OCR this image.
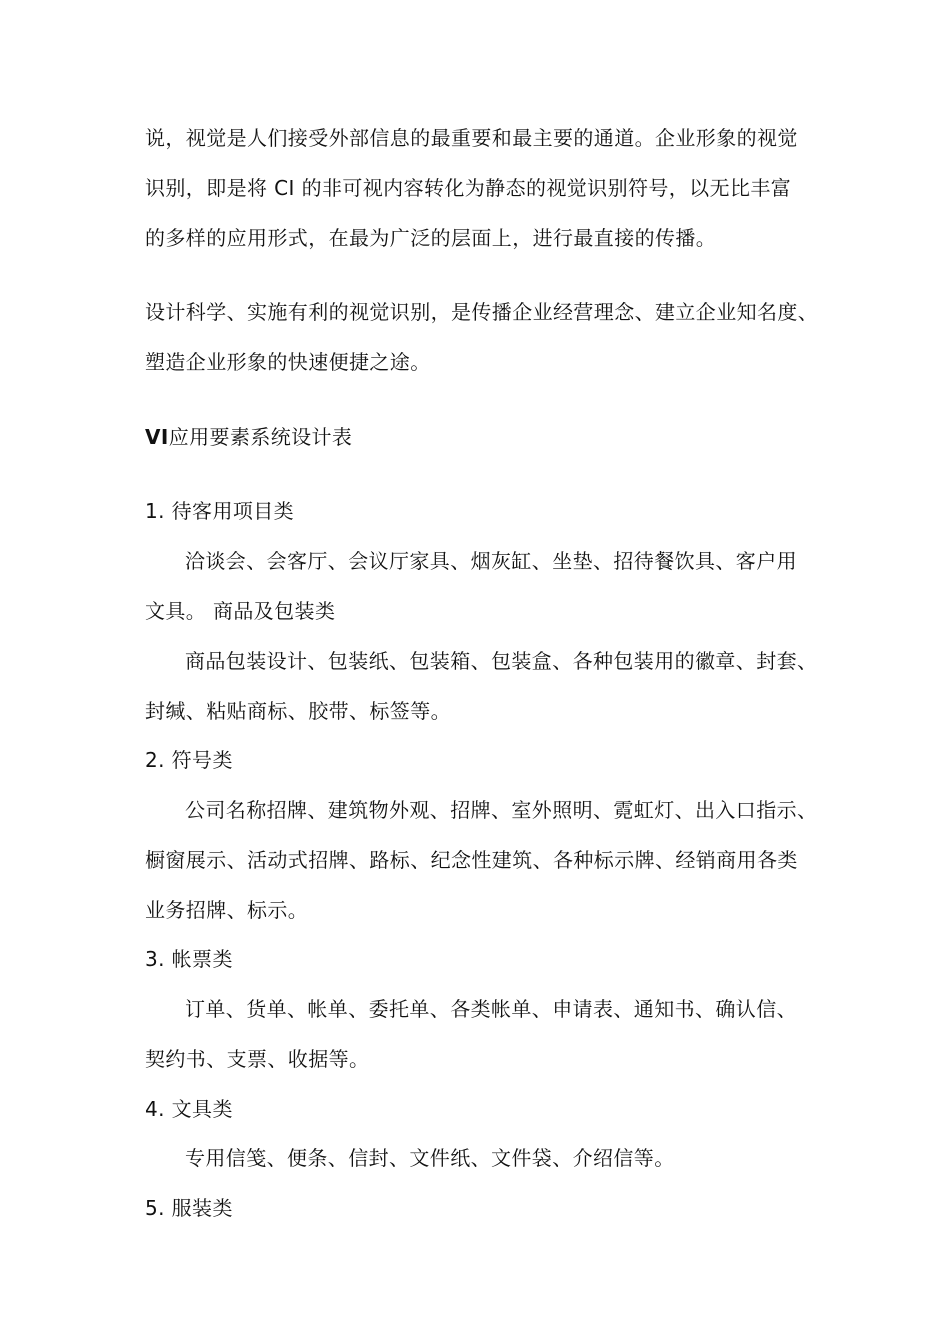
说，视觉是人们接受外部信息的最重要和最主要的通道。企业形象的视觉
识别，即是将 CI 的非可视内容转化为静态的视觉识别符号，以无比丰富
的多样的应用形式，在最为广泛的层面上，进行最直接的传播。
设计科学、实施有利的视觉识别，是传播企业经营理念、建立企业知名度、
塑造企业形象的快速便捷之途。
VI应用要素系统设计表
1. 待客用项目类
洽谈会、会客厅、会议厅家具、烟灰缸、坐垫、招待餐饮具、客户用
文具。 商品及包装类
商品包装设计、包装纸、包装箱、包装盒、各种包装用的徽章、封套、
封缄、粘贴商标、胶带、标签等。
2. 符号类
公司名称招牌、建筑物外观、招牌、室外照明、霓虹灯、出入口指示、
橱窗展示、活动式招牌、路标、纪念性建筑、各种标示牌、经销商用各类
业务招牌、标示。
3. 帐票类
订单、货单、帐单、委托单、各类帐单、申请表、通知书、确认信、
契约书、支票、收据等。
4. 文具类
专用信笺、便条、信封、文件纸、文件袋、介绍信等。
5. 服装类
